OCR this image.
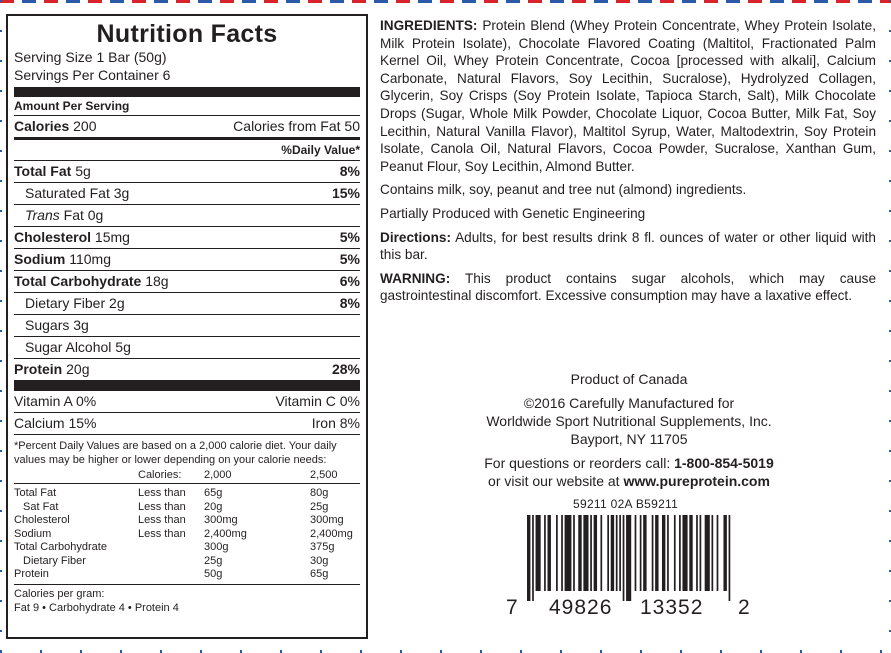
Nutrition Facts
Serving Size 1 Bar (50g)
Servings Per Container 6
Amount Per Serving
Calories 200	Calories from Fat 50
%Daily Value*
Total Fat 5g	8%
Saturated Fat 3g	15%
Trans Fat 0g
Cholesterol 15mg	5%
Sodium 110mg	5%
Total Carbohydrate 18g	6%
Dietary Fiber 2g	8%
Sugars 3g
Sugar Alcohol 5g
Protein 20g	28%
Vitamin A 0%	Vitamin C 0%
Calcium 15%	Iron 8%
*Percent Daily Values are based on a 2,000 calorie diet. Your daily values may be higher or lower depending on your calorie needs:
	Calories:	2,000	2,500

Total Fat	Less than	65g	80g
Sat Fat	Less than	20g	25g
Cholesterol	Less than	300mg	300mg
Sodium	Less than	2,400mg	2,400mg
Total Carbohydrate		300g	375g
Dietary Fiber		25g	30g
Protein		50g	65g
Calories per gram:
Fat 9 • Carbohydrate 4 • Protein 4

INGREDIENTS: Protein Blend (Whey Protein Concentrate, Whey Protein Isolate, Milk Protein Isolate), Chocolate Flavored Coating (Maltitol, Fractionated Palm Kernel Oil, Whey Protein Concentrate, Cocoa [processed with alkali], Calcium Carbonate, Natural Flavors, Soy Lecithin, Sucralose), Hydrolyzed Collagen, Glycerin, Soy Crisps (Soy Protein Isolate, Tapioca Starch, Salt), Milk Chocolate Drops (Sugar, Whole Milk Powder, Chocolate Liquor, Cocoa Butter, Milk Fat, Soy Lecithin, Natural Vanilla Flavor), Maltitol Syrup, Water, Maltodextrin, Soy Protein Isolate, Canola Oil, Natural Flavors, Cocoa Powder, Sucralose, Xanthan Gum, Peanut Flour, Soy Lecithin, Almond Butter.

Contains milk, soy, peanut and tree nut (almond) ingredients.

Partially Produced with Genetic Engineering

Directions: Adults, for best results drink 8 fl. ounces of water or other liquid with this bar.

WARNING: This product contains sugar alcohols, which may cause gastrointestinal discomfort. Excessive consumption may have a laxative effect.

Product of Canada
©2016 Carefully Manufactured for
Worldwide Sport Nutritional Supplements, Inc.
Bayport, NY 11705
For questions or reorders call: 1-800-854-5019
or visit our website at www.pureprotein.com
59211 02A B59211
7 49826 13352 2
